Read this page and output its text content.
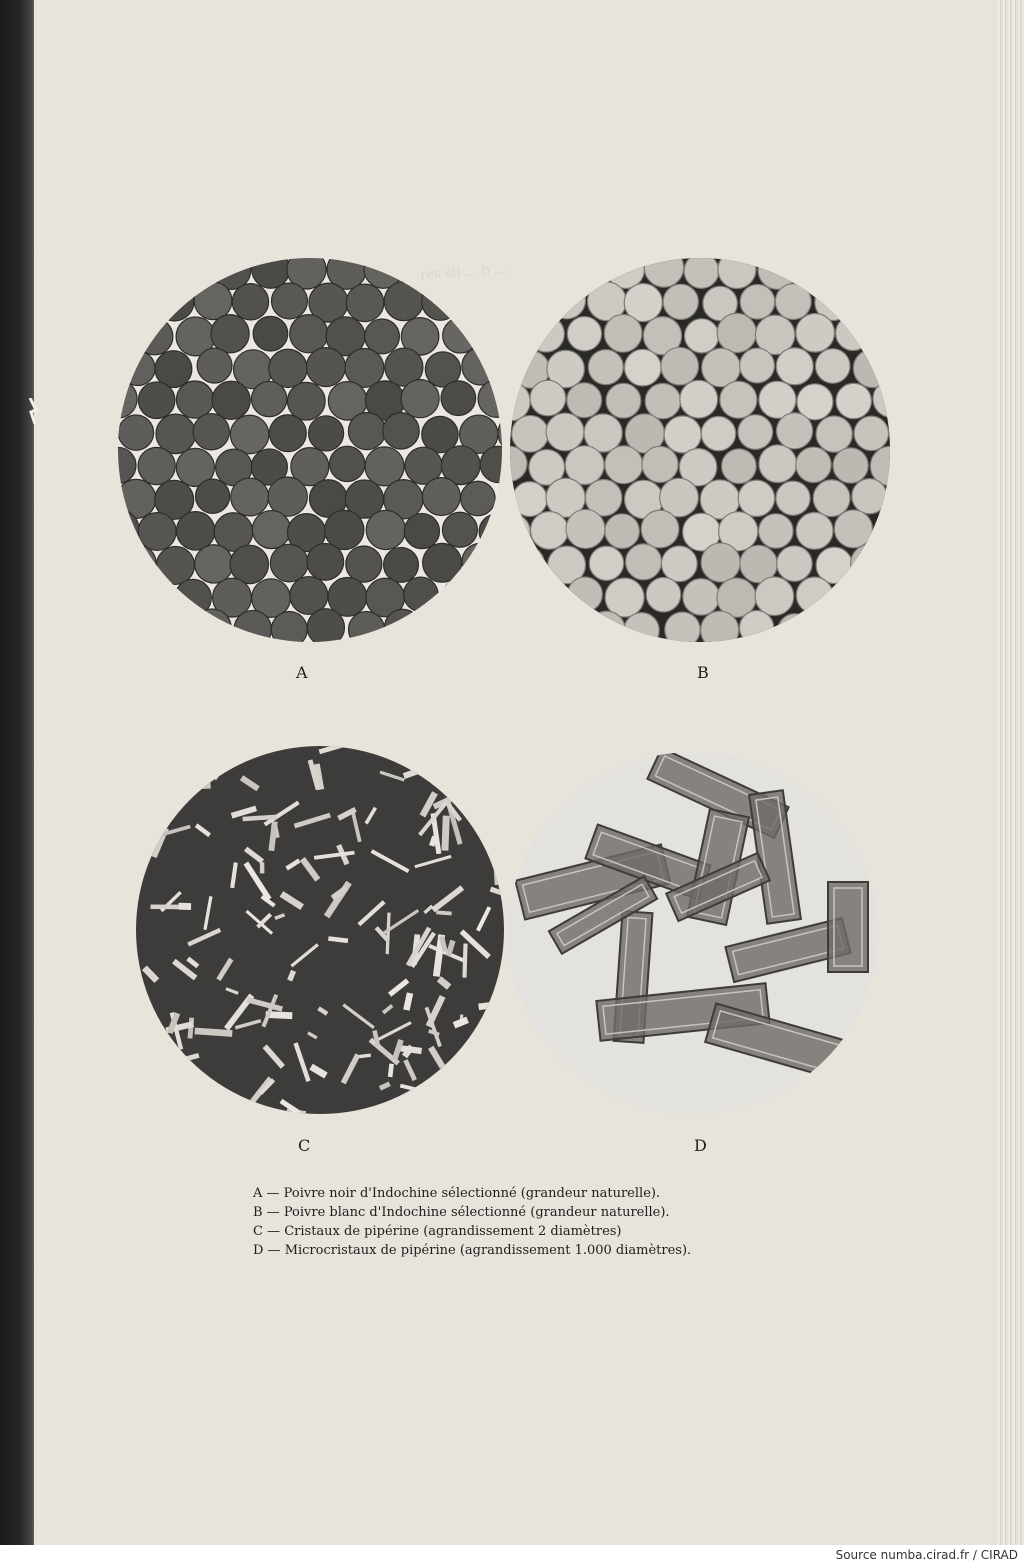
res sti ... b ...
A	B
C	D
A — Poivre noir d'Indochine sélectionné (grandeur naturelle).
B — Poivre blanc d'Indochine sélectionné (grandeur naturelle).
C — Cristaux de pipérine (agrandissement 2 diamètres)
D — Microcristaux de pipérine (agrandissement 1.000 diamètres).
Source numba.cirad.fr / CIRAD
